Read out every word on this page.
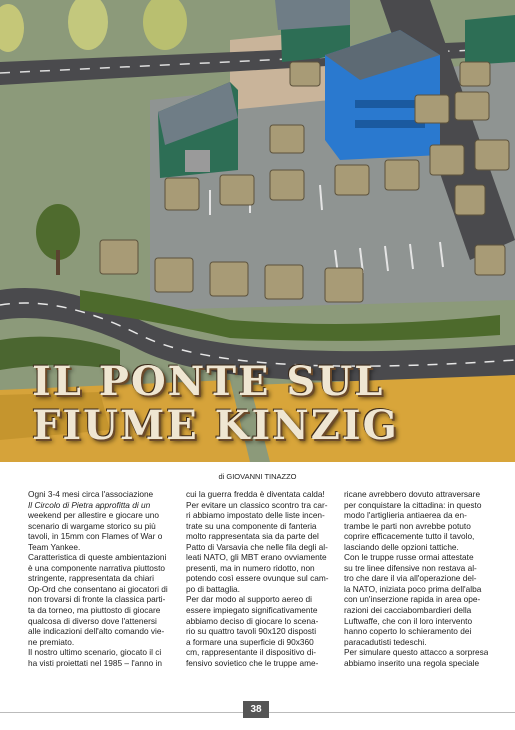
IL PONTE SUL
FIUME KINZIG
di GIOVANNI TINAZZO
Ogni 3-4 mesi circa l'associazione
Il Circolo di Pietra approfitta di un
weekend per allestire e giocare uno
scenario di wargame storico su più
tavoli, in 15mm con Flames of War o
Team Yankee.
Caratteristica di queste ambientazioni
è una componente narrativa piuttosto
stringente, rappresentata da chiari
Op-Ord che consentano ai giocatori di
non trovarsi di fronte la classica parti-
ta da torneo, ma piuttosto di giocare
qualcosa di diverso dove l'attenersi
alle indicazioni dell'alto comando vie-
ne premiato.
Il nostro ultimo scenario, giocato il ci
ha visti proiettati nel 1985 – l'anno in
cui la guerra fredda è diventata calda!
Per evitare un classico scontro tra car-
ri abbiamo impostato delle liste incen-
trate su una componente di fanteria
molto rappresentata sia da parte del
Patto di Varsavia che nelle fila degli al-
leati NATO, gli MBT erano ovviamente
presenti, ma in numero ridotto, non
potendo così essere ovunque sul cam-
po di battaglia.
Per dar modo al supporto aereo di
essere impiegato significativamente
abbiamo deciso di giocare lo scena-
rio su quattro tavoli 90x120 disposti
a formare una superficie di 90x360
cm, rappresentante il dispositivo di-
fensivo sovietico che le truppe ame-
ricane avrebbero dovuto attraversare
per conquistare la cittadina: in questo
modo l'artiglieria antiaerea da en-
trambe le parti non avrebbe potuto
coprire efficacemente tutto il tavolo,
lasciando delle opzioni tattiche.
Con le truppe russe ormai attestate
su tre linee difensive non restava al-
tro che dare il via all'operazione del-
la NATO, iniziata poco prima dell'alba
con un'inserzione rapida in area ope-
razioni dei cacciabombardieri della
Luftwaffe, che con il loro intervento
hanno coperto lo schieramento dei
paracadutisti tedeschi.
Per simulare questo attacco a sorpresa
abbiamo inserito una regola speciale
38
